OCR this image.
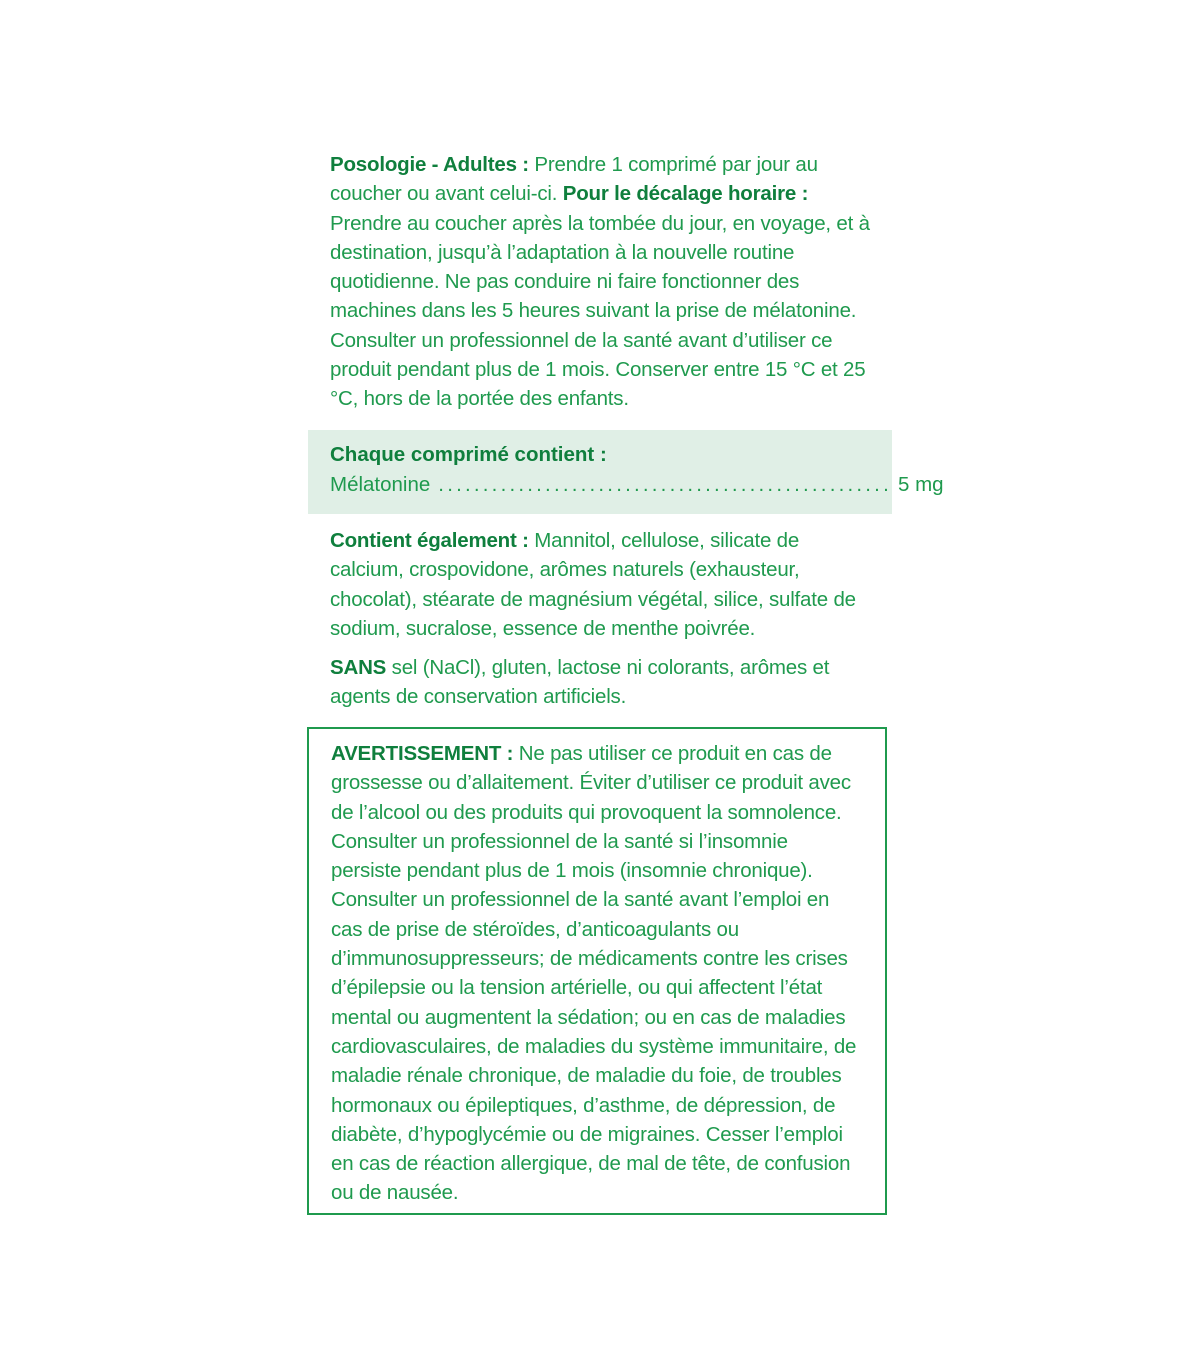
Posologie - Adultes : Prendre 1 comprimé par jour au coucher ou avant celui-ci. Pour le décalage horaire : Prendre au coucher après la tombée du jour, en voyage, et à destination, jusqu’à l’adaptation à la nouvelle routine quotidienne. Ne pas conduire ni faire fonctionner des machines dans les 5 heures suivant la prise de mélatonine. Consulter un professionnel de la santé avant d’utiliser ce produit pendant plus de 1 mois. Conserver entre 15 °C et 25 °C, hors de la portée des enfants.

Chaque comprimé contient :
Mélatonine ................................................... 5 mg

Contient également : Mannitol, cellulose, silicate de calcium, crospovidone, arômes naturels (exhausteur, chocolat), stéarate de magnésium végétal, silice, sulfate de sodium, sucralose, essence de menthe poivrée.

SANS sel (NaCl), gluten, lactose ni colorants, arômes et agents de conservation artificiels.

AVERTISSEMENT : Ne pas utiliser ce produit en cas de grossesse ou d’allaitement. Éviter d’utiliser ce produit avec de l’alcool ou des produits qui provoquent la somnolence. Consulter un professionnel de la santé si l’insomnie persiste pendant plus de 1 mois (insomnie chronique). Consulter un professionnel de la santé avant l’emploi en cas de prise de stéroïdes, d’anticoagulants ou d’immunosuppresseurs; de médicaments contre les crises d’épilepsie ou la tension artérielle, ou qui affectent l’état mental ou augmentent la sédation; ou en cas de maladies cardiovasculaires, de maladies du système immunitaire, de maladie rénale chronique, de maladie du foie, de troubles hormonaux ou épileptiques, d’asthme, de dépression, de diabète, d’hypoglycémie ou de migraines. Cesser l’emploi en cas de réaction allergique, de mal de tête, de confusion ou de nausée.
